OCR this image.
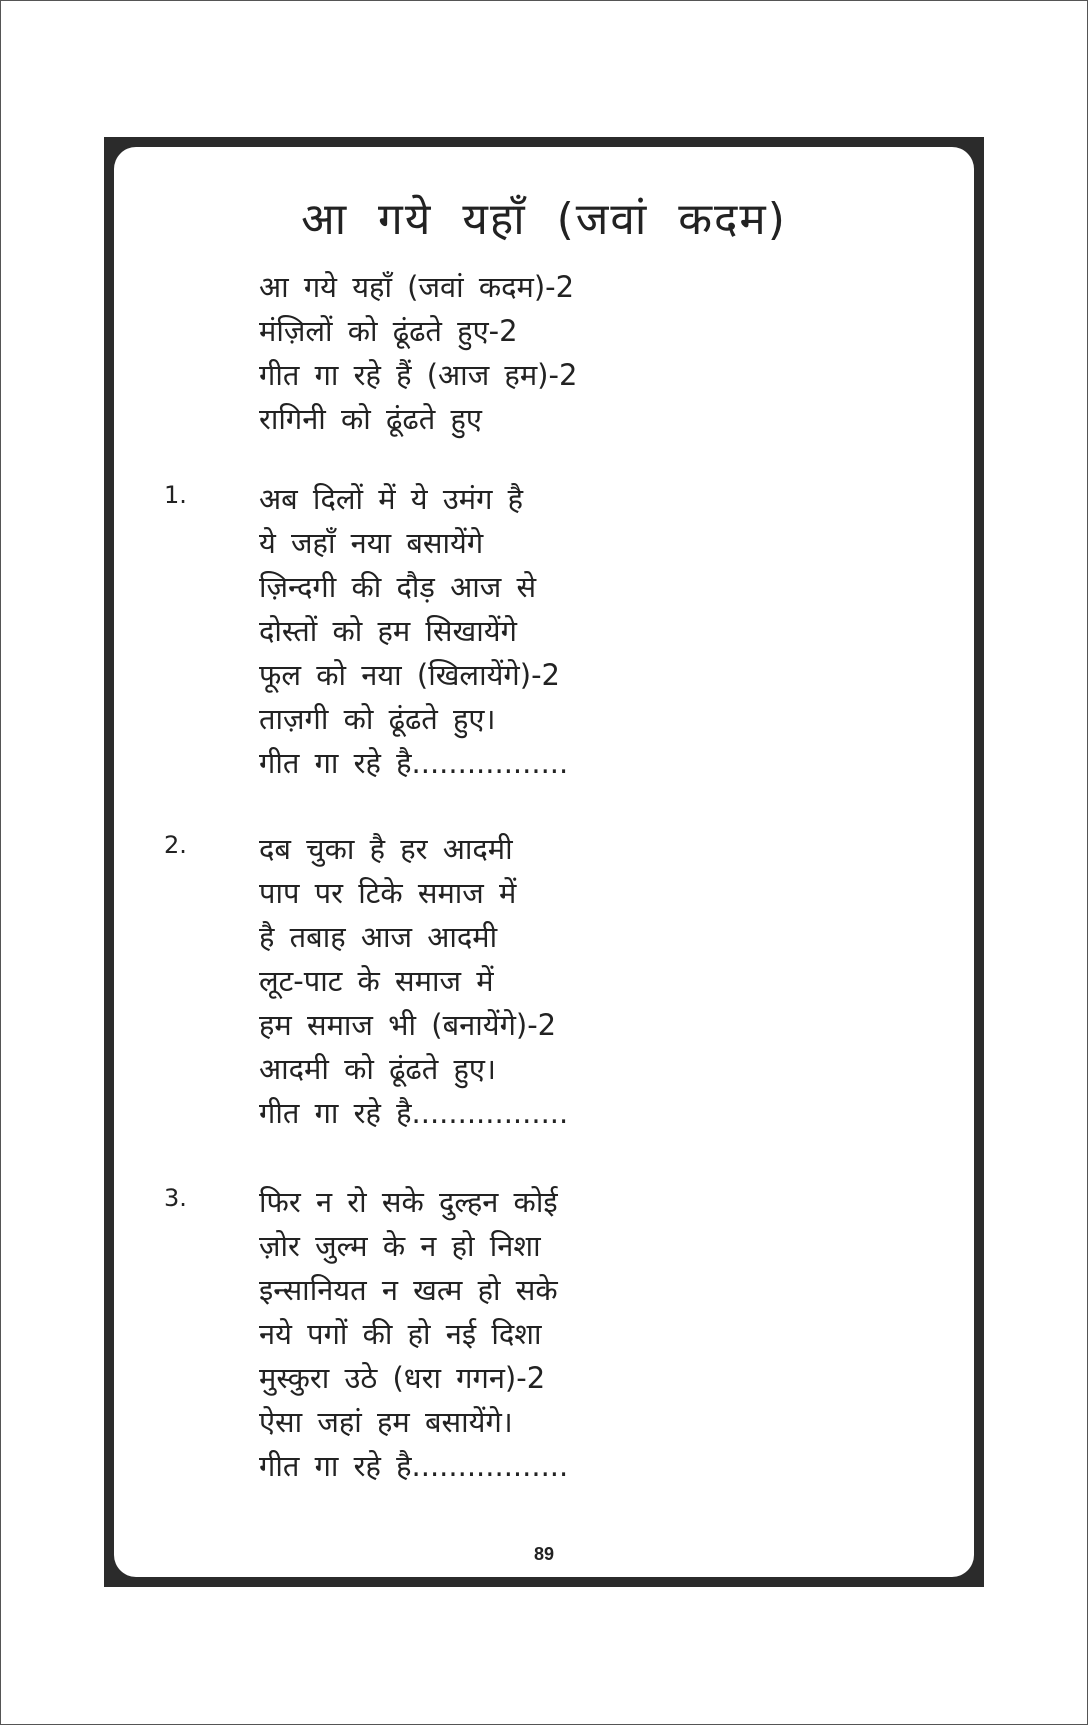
आ गये यहाँ (जवां कदम)
आ गये यहाँ (जवां कदम)-2
मंज़िलों को ढूंढते हुए-2
गीत गा रहे हैं (आज हम)-2
रागिनी को ढूंढते हुए
1.	अब दिलों में ये उमंग है
ये जहाँ नया बसायेंगे
ज़िन्दगी की दौड़ आज से
दोस्तों को हम सिखायेंगे
फूल को नया (खिलायेंगे)-2
ताज़गी को ढूंढते हुए।
गीत गा रहे है.................
2.	दब चुका है हर आदमी
पाप पर टिके समाज में
है तबाह आज आदमी
लूट-पाट के समाज में
हम समाज भी (बनायेंगे)-2
आदमी को ढूंढते हुए।
गीत गा रहे है.................
3.	फिर न रो सके दुल्हन कोई
ज़ोर जुल्म के न हो निशा
इन्सानियत न खत्म हो सके
नये पगों की हो नई दिशा
मुस्कुरा उठे (धरा गगन)-2
ऐसा जहां हम बसायेंगे।
गीत गा रहे है.................
89
